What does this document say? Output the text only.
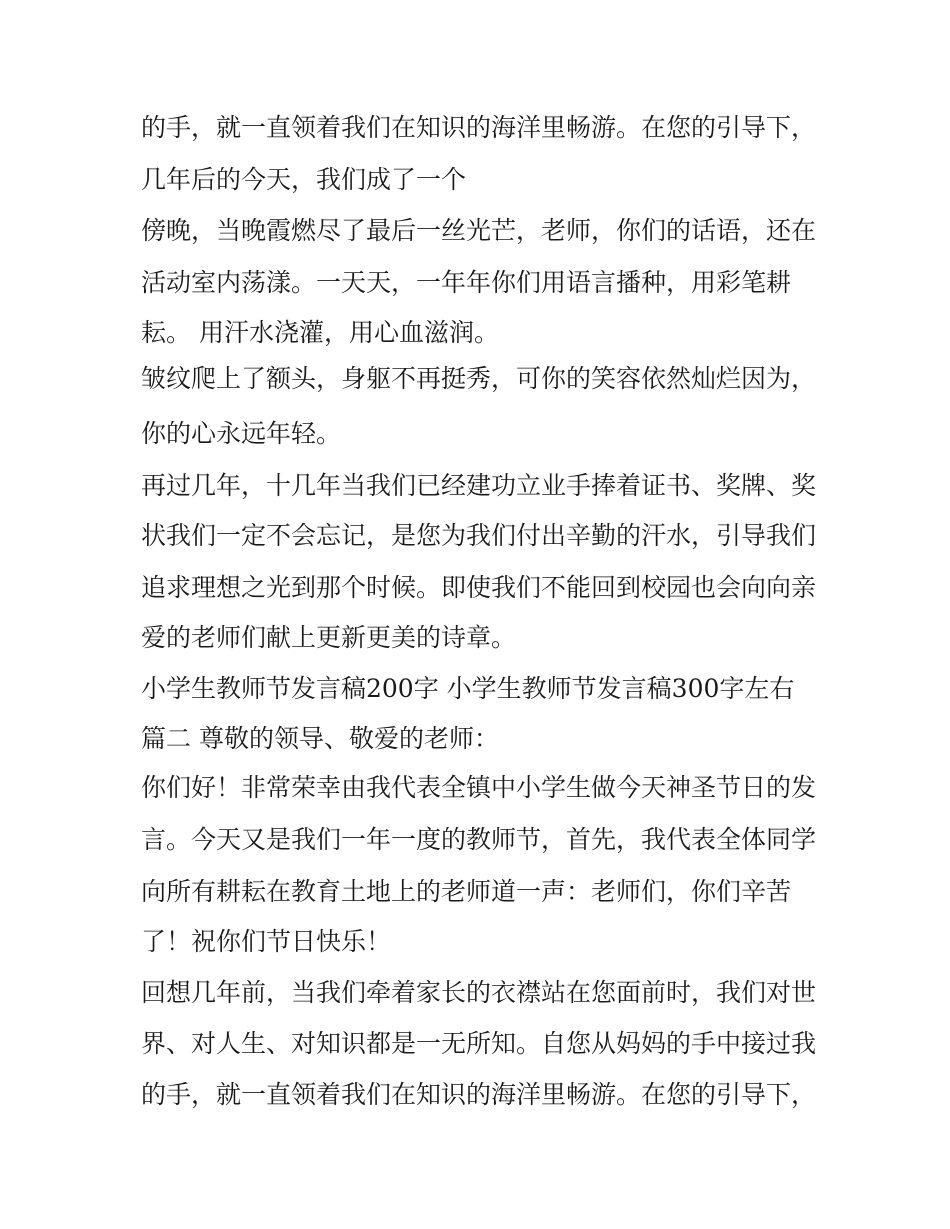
的手，就一直领着我们在知识的海洋里畅游。在您的引导下，
几年后的今天，我们成了一个
傍晚，当晚霞燃尽了最后一丝光芒，老师，你们的话语，还在
活动室内荡漾。一天天，一年年你们用语言播种，用彩笔耕
耘。 用汗水浇灌，用心血滋润。
皱纹爬上了额头，身躯不再挺秀，可你的笑容依然灿烂因为，
你的心永远年轻。
再过几年，十几年当我们已经建功立业手捧着证书、奖牌、奖
状我们一定不会忘记，是您为我们付出辛勤的汗水，引导我们
追求理想之光到那个时候。即使我们不能回到校园也会向向亲
爱的老师们献上更新更美的诗章。
小学生教师节发言稿200字 小学生教师节发言稿300字左右
篇二 尊敬的领导、敬爱的老师：
你们好！非常荣幸由我代表全镇中小学生做今天神圣节日的发
言。今天又是我们一年一度的教师节，首先，我代表全体同学
向所有耕耘在教育土地上的老师道一声：老师们，你们辛苦
了！祝你们节日快乐！
回想几年前，当我们牵着家长的衣襟站在您面前时，我们对世
界、对人生、对知识都是一无所知。自您从妈妈的手中接过我
的手，就一直领着我们在知识的海洋里畅游。在您的引导下，
